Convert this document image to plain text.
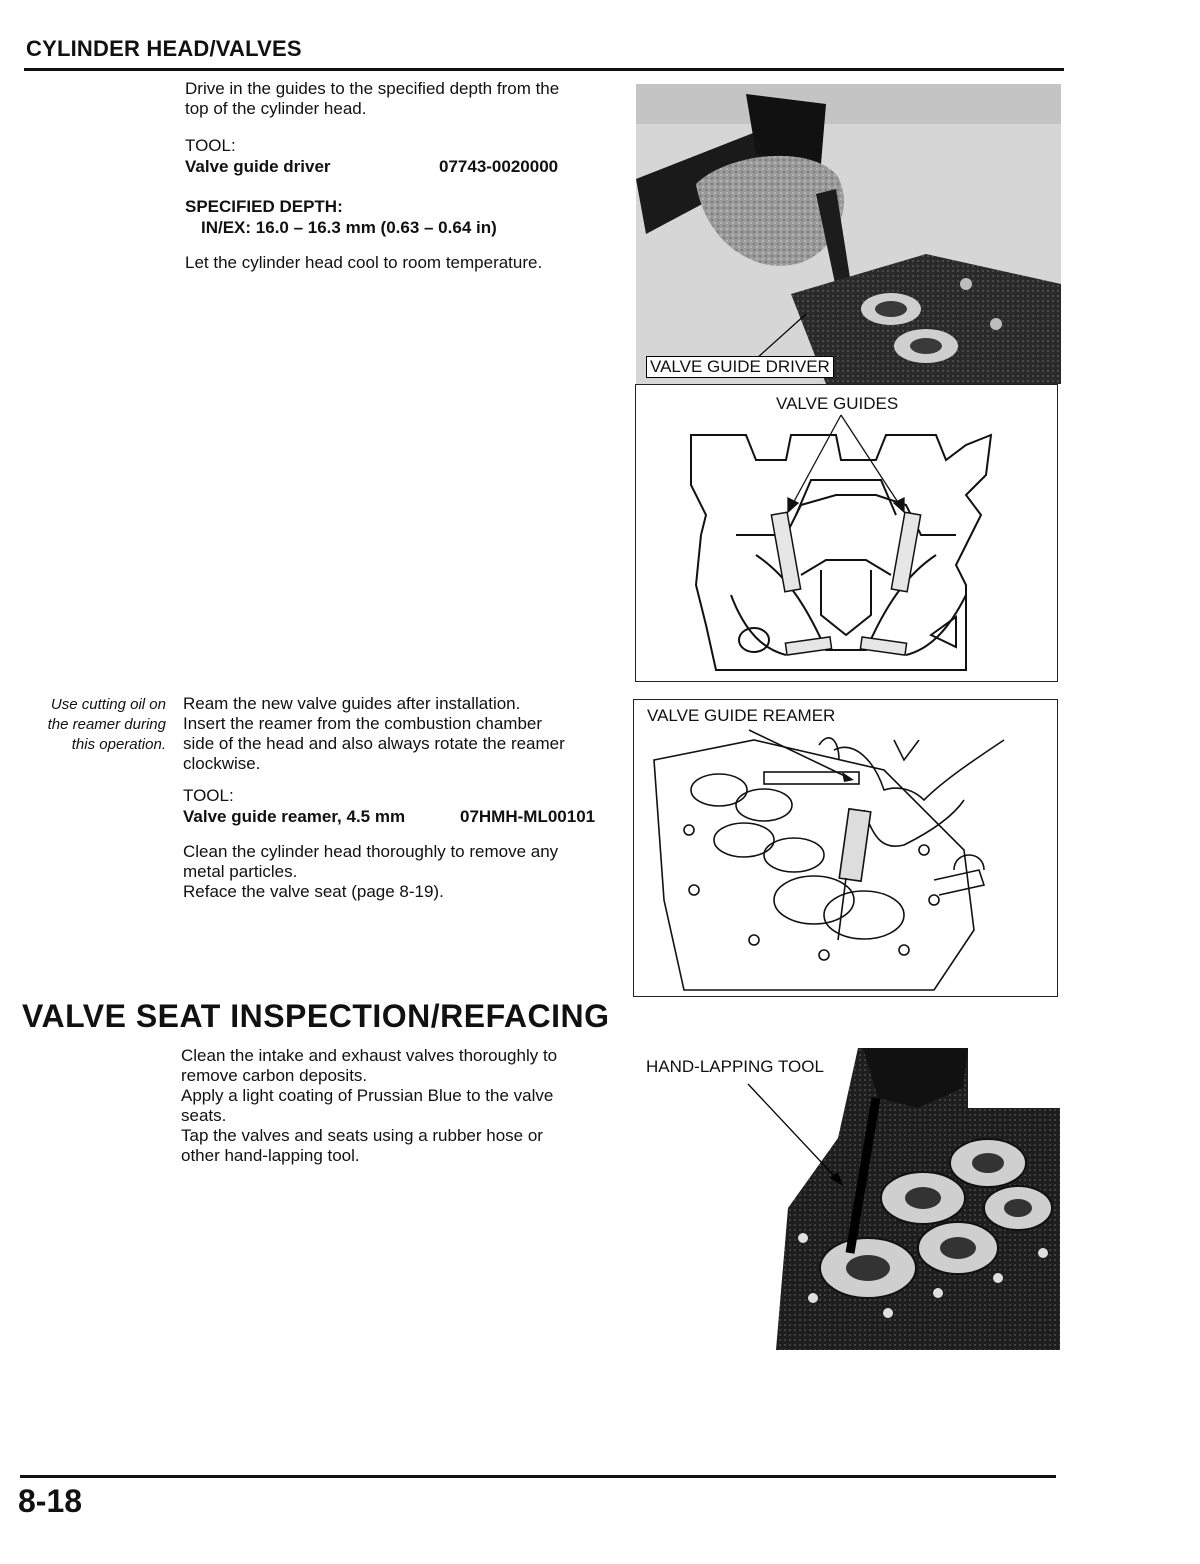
CYLINDER HEAD/VALVES
Drive in the guides to the specified depth from the
top of the cylinder head.
TOOL:
Valve guide driver	07743-0020000
SPECIFIED DEPTH:
IN/EX: 16.0 – 16.3 mm (0.63 – 0.64 in)
Let the cylinder head cool to room temperature.
VALVE GUIDE DRIVER
VALVE GUIDES
Use cutting oil on
the reamer during
this operation.
Ream the new valve guides after installation.
Insert the reamer from the combustion chamber
side of the head and also always rotate the reamer
clockwise.
TOOL:
Valve guide reamer, 4.5 mm	07HMH-ML00101
Clean the cylinder head thoroughly to remove any
metal particles.
Reface the valve seat (page 8-19).
VALVE GUIDE REAMER
VALVE SEAT INSPECTION/REFACING
Clean the intake and exhaust valves thoroughly to
remove carbon deposits.
Apply a light coating of Prussian Blue to the valve
seats.
Tap the valves and seats using a rubber hose or
other hand-lapping tool.
HAND-LAPPING TOOL
8-18
